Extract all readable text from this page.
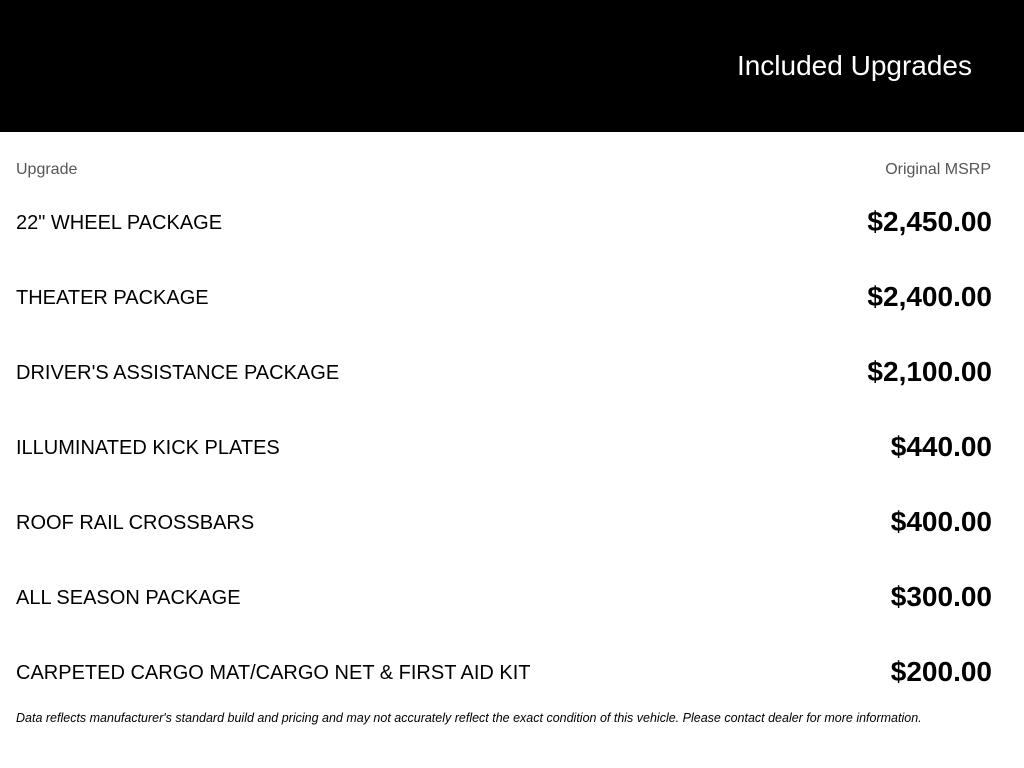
Included Upgrades
Upgrade	Original MSRP
22" WHEEL PACKAGE	$2,450.00
THEATER PACKAGE	$2,400.00
DRIVER'S ASSISTANCE PACKAGE	$2,100.00
ILLUMINATED KICK PLATES	$440.00
ROOF RAIL CROSSBARS	$400.00
ALL SEASON PACKAGE	$300.00
CARPETED CARGO MAT/CARGO NET & FIRST AID KIT	$200.00
Data reflects manufacturer's standard build and pricing and may not accurately reflect the exact condition of this vehicle. Please contact dealer for more information.
